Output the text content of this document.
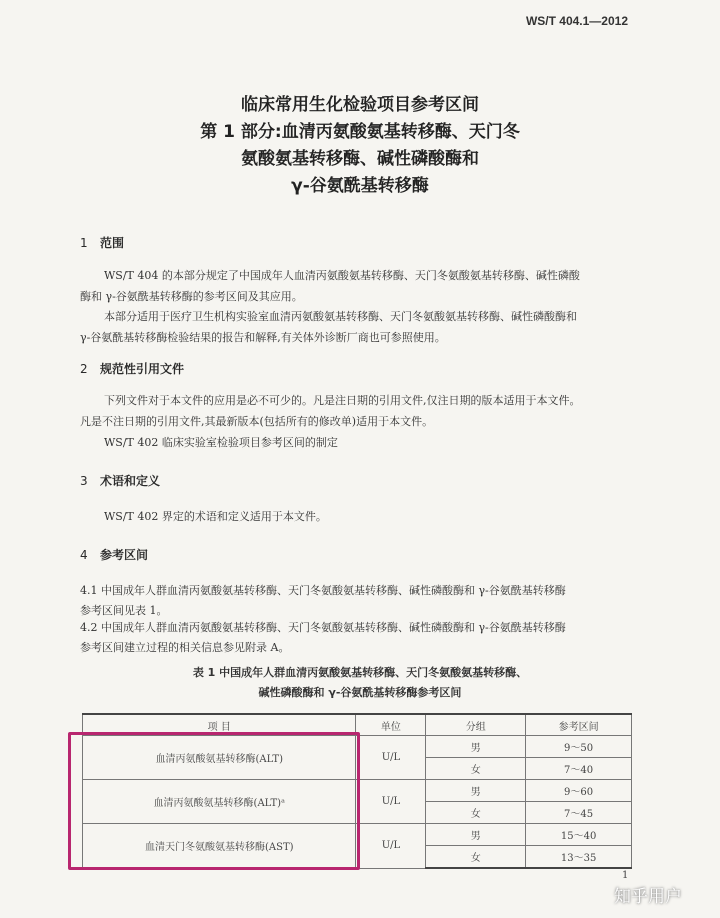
WS/T 404.1—2012
临床常用生化检验项目参考区间
第 1 部分:血清丙氨酸氨基转移酶、天门冬
氨酸氨基转移酶、碱性磷酸酶和
γ-谷氨酰基转移酶
1 范围
WS/T 404 的本部分规定了中国成年人血清丙氨酸氨基转移酶、天门冬氨酸氨基转移酶、碱性磷酸
酶和 γ-谷氨酰基转移酶的参考区间及其应用。
本部分适用于医疗卫生机构实验室血清丙氨酸氨基转移酶、天门冬氨酸氨基转移酶、碱性磷酸酶和
γ-谷氨酰基转移酶检验结果的报告和解释,有关体外诊断厂商也可参照使用。
2 规范性引用文件
下列文件对于本文件的应用是必不可少的。凡是注日期的引用文件,仅注日期的版本适用于本文件。
凡是不注日期的引用文件,其最新版本(包括所有的修改单)适用于本文件。
WS/T 402 临床实验室检验项目参考区间的制定
3 术语和定义
WS/T 402 界定的术语和定义适用于本文件。
4 参考区间
4.1 中国成年人群血清丙氨酸氨基转移酶、天门冬氨酸氨基转移酶、碱性磷酸酶和 γ-谷氨酰基转移酶
参考区间见表 1。
4.2 中国成年人群血清丙氨酸氨基转移酶、天门冬氨酸氨基转移酶、碱性磷酸酶和 γ-谷氨酰基转移酶
参考区间建立过程的相关信息参见附录 A。
表 1 中国成年人群血清丙氨酸氨基转移酶、天门冬氨酸氨基转移酶、
碱性磷酸酶和 γ-谷氨酰基转移酶参考区间
项 目	单位	分组	参考区间
血清丙氨酸氨基转移酶(ALT)	U/L	男	9～50
		女	7～40
血清丙氨酸氨基转移酶(ALT)ᵃ	U/L	男	9～60
		女	7～45
血清天门冬氨酸氨基转移酶(AST)	U/L	男	15～40
		女	13～35
1
知乎用户
